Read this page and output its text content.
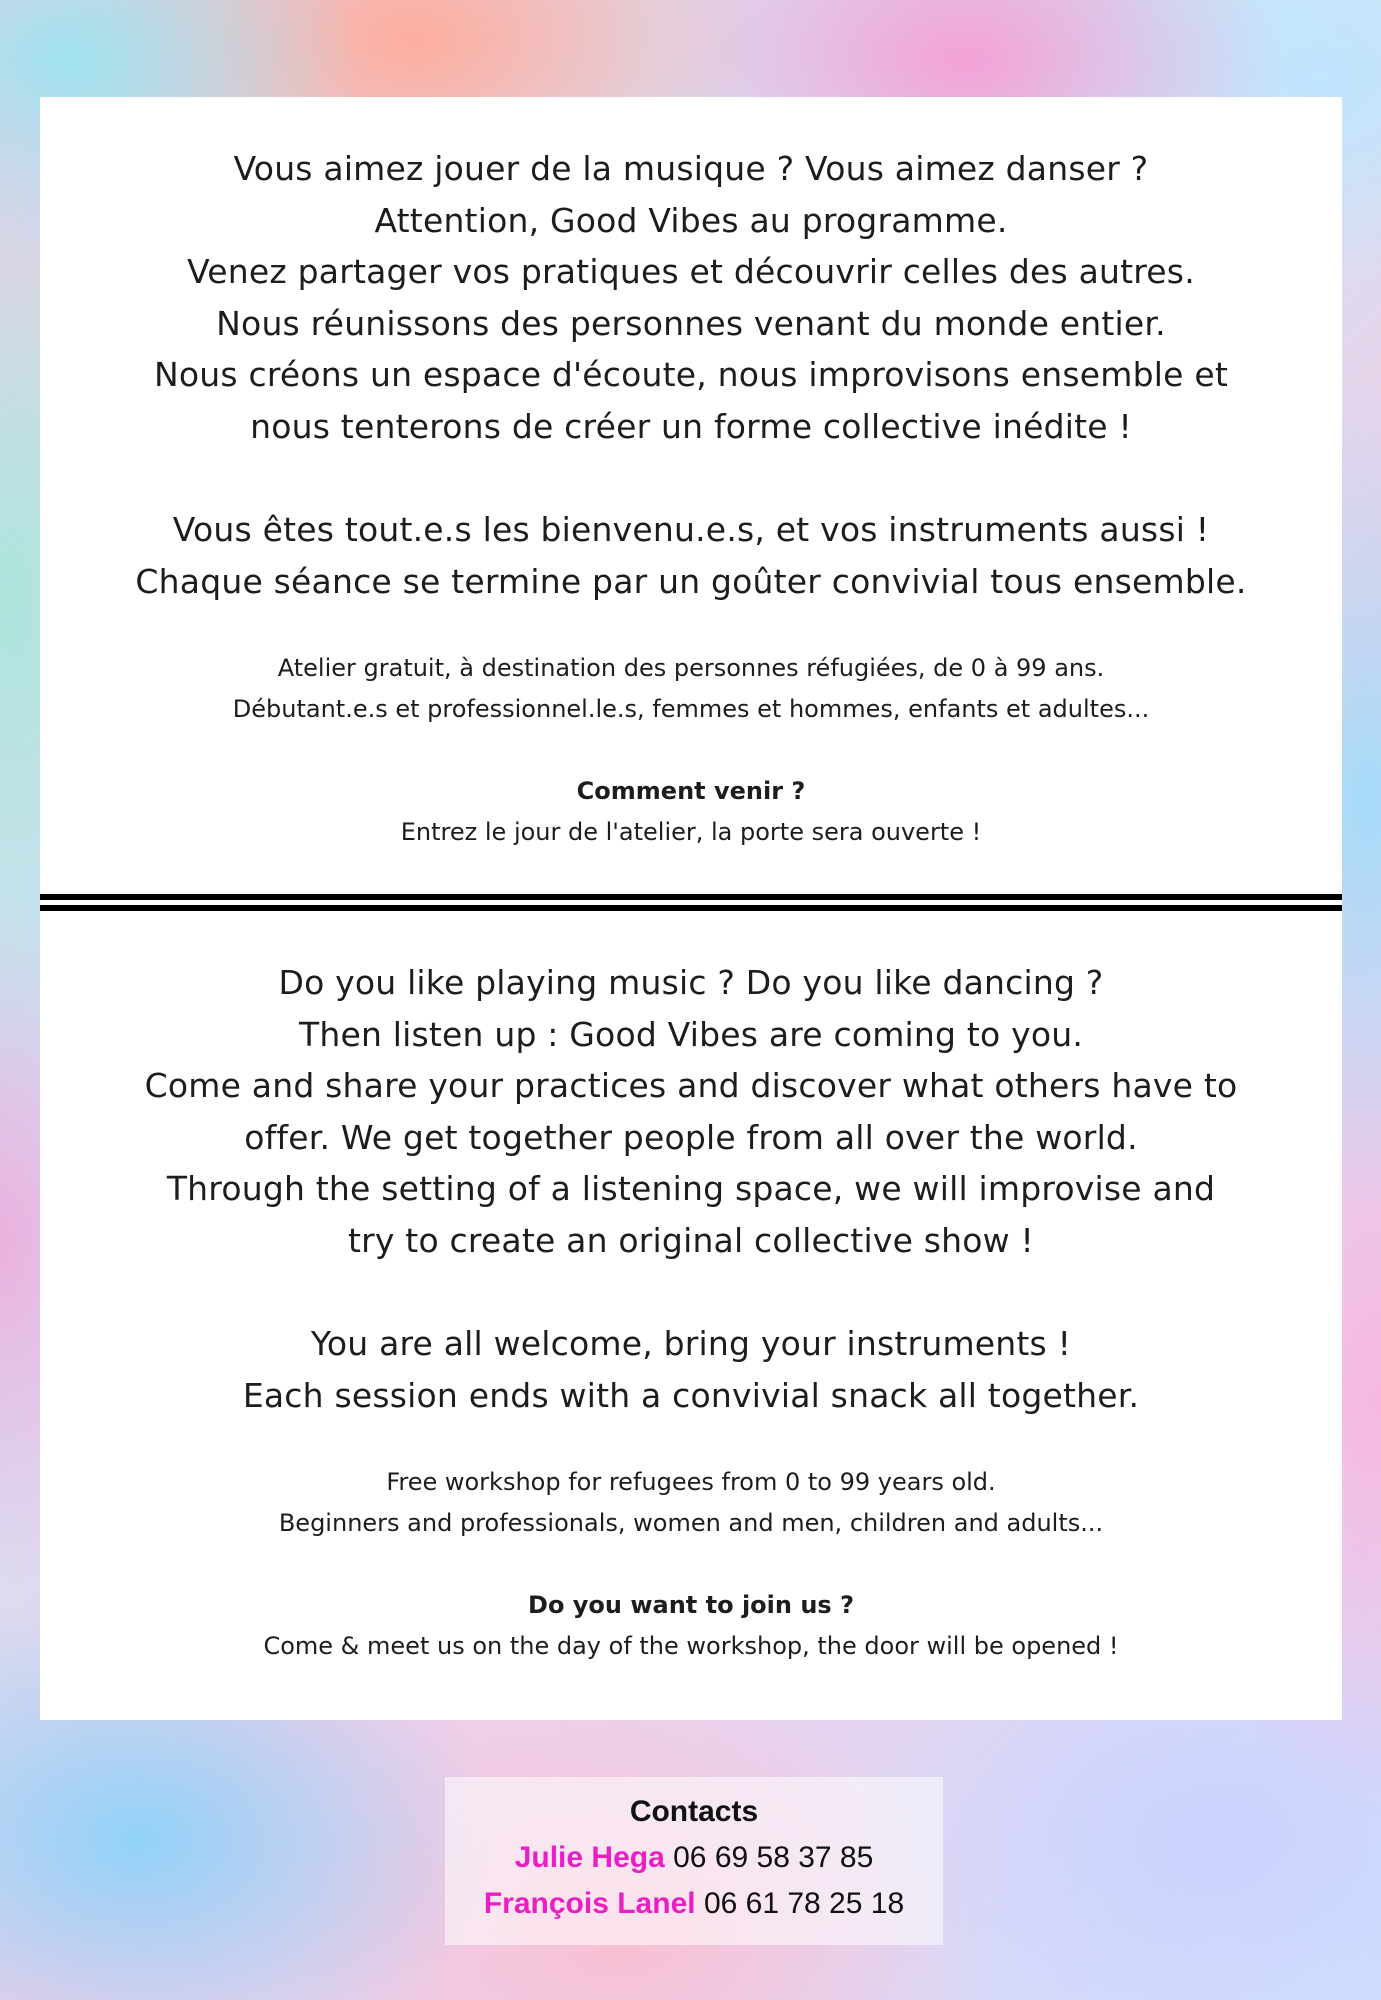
Vous aimez jouer de la musique ? Vous aimez danser ?

Attention, Good Vibes au programme.

Venez partager vos pratiques et découvrir celles des autres.

Nous réunissons des personnes venant du monde entier.

Nous créons un espace d'écoute, nous improvisons ensemble et

nous tenterons de créer un forme collective inédite !

Vous êtes tout.e.s les bienvenu.e.s, et vos instruments aussi !

Chaque séance se termine par un goûter convivial tous ensemble.

Atelier gratuit, à destination des personnes réfugiées, de 0 à 99 ans.

Débutant.e.s et professionnel.le.s, femmes et hommes, enfants et adultes...

Comment venir ?

Entrez le jour de l'atelier, la porte sera ouverte !

Do you like playing music ? Do you like dancing ?

Then listen up : Good Vibes are coming to you.

Come and share your practices and discover what others have to

offer. We get together people from all over the world.

Through the setting of a listening space, we will improvise and

try to create an original collective show !

You are all welcome, bring your instruments !

Each session ends with a convivial snack all together.

Free workshop for refugees from 0 to 99 years old.

Beginners and professionals, women and men, children and adults...

Do you want to join us ?

Come & meet us on the day of the workshop, the door will be opened !

Contacts
Julie Hega 06 69 58 37 85
François Lanel 06 61 78 25 18
